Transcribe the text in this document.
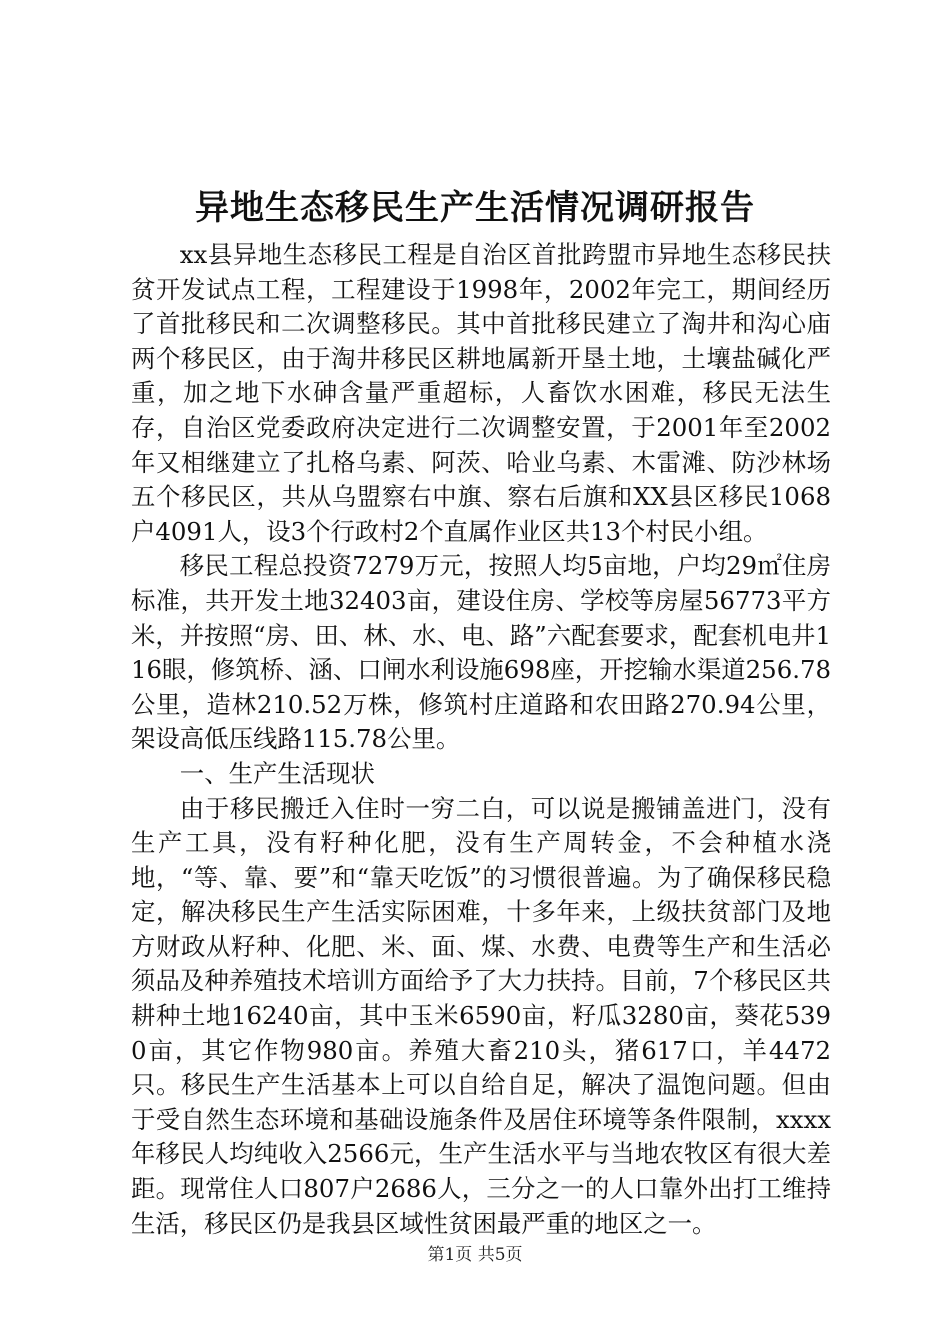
异地生态移民生产生活情况调研报告

xx县异地生态移民工程是自治区首批跨盟市异地生态移民扶贫开发试点工程，工程建设于1998年，2002年完工，期间经历了首批移民和二次调整移民。其中首批移民建立了淘井和沟心庙两个移民区，由于淘井移民区耕地属新开垦土地，土壤盐碱化严重，加之地下水砷含量严重超标，人畜饮水困难，移民无法生存，自治区党委政府决定进行二次调整安置，于2001年至2002年又相继建立了扎格乌素、阿茨、哈业乌素、木雷滩、防沙林场五个移民区，共从乌盟察右中旗、察右后旗和XX县区移民1068户4091人，设3个行政村2个直属作业区共13个村民小组。

移民工程总投资7279万元，按照人均5亩地，户均29㎡住房标准，共开发土地32403亩，建设住房、学校等房屋56773平方米，并按照“房、田、林、水、电、路”六配套要求，配套机电井116眼，修筑桥、涵、口闸水利设施698座，开挖输水渠道256.78公里，造林210.52万株，修筑村庄道路和农田路270.94公里，架设高低压线路115.78公里。

一、生产生活现状

由于移民搬迁入住时一穷二白，可以说是搬铺盖进门，没有生产工具，没有籽种化肥，没有生产周转金，不会种植水浇地，“等、靠、要”和“靠天吃饭”的习惯很普遍。为了确保移民稳定，解决移民生产生活实际困难，十多年来，上级扶贫部门及地方财政从籽种、化肥、米、面、煤、水费、电费等生产和生活必须品及种养殖技术培训方面给予了大力扶持。目前，7个移民区共耕种土地16240亩，其中玉米6590亩，籽瓜3280亩，葵花5390亩，其它作物980亩。养殖大畜210头，猪617口，羊4472只。移民生产生活基本上可以自给自足，解决了温饱问题。但由于受自然生态环境和基础设施条件及居住环境等条件限制，xxxx年移民人均纯收入2566元，生产生活水平与当地农牧区有很大差距。现常住人口807户2686人，三分之一的人口靠外出打工维持生活，移民区仍是我县区域性贫困最严重的地区之一。

第1页 共5页
